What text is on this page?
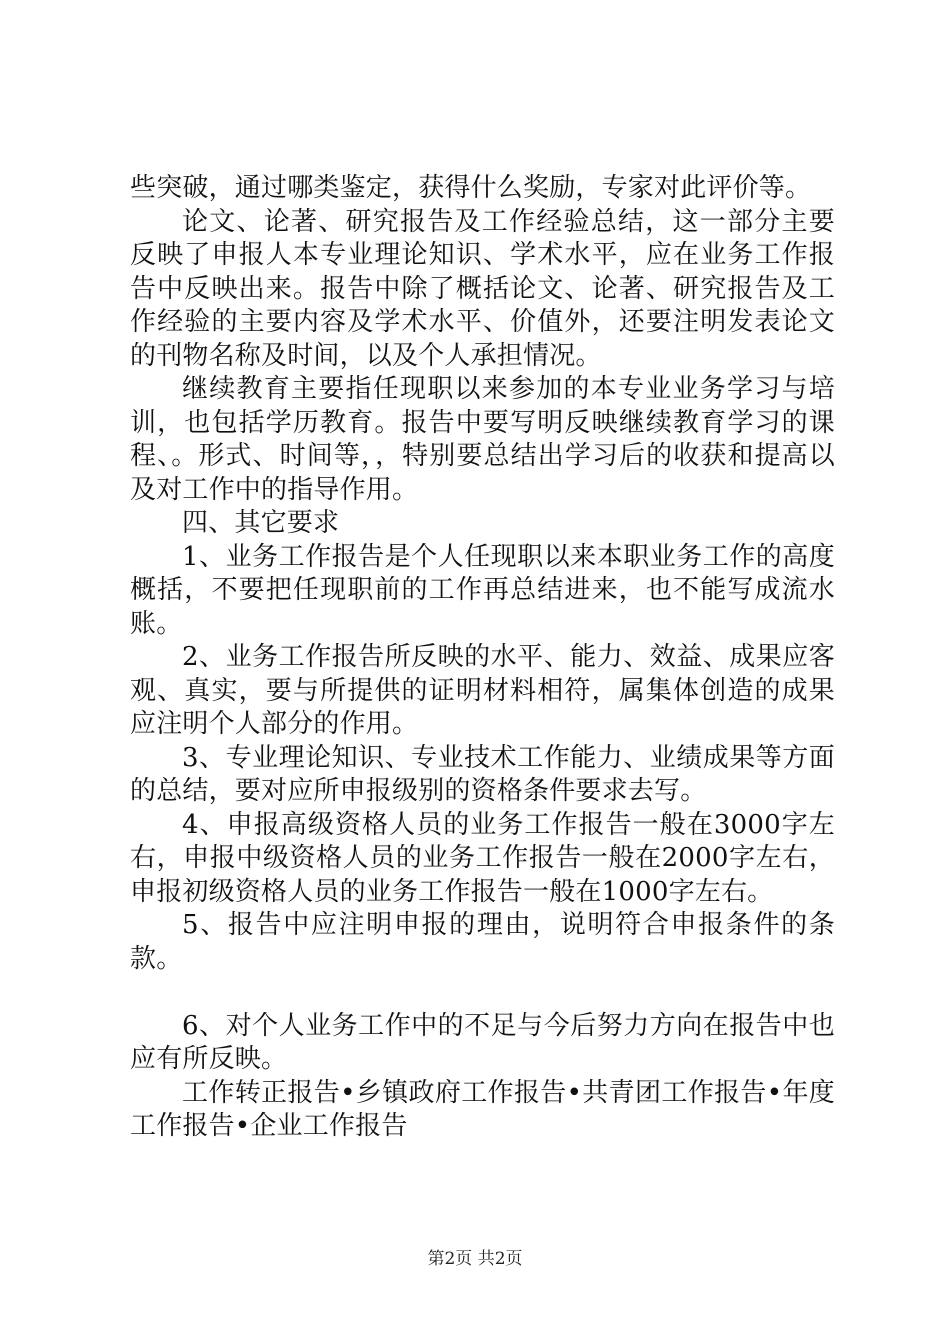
些突破，通过哪类鉴定，获得什么奖励，专家对此评价等。

论文、论著、研究报告及工作经验总结，这一部分主要反映了申报人本专业理论知识、学术水平，应在业务工作报告中反映出来。报告中除了概括论文、论著、研究报告及工作经验的主要内容及学术水平、价值外，还要注明发表论文的刊物名称及时间，以及个人承担情况。

继续教育主要指任现职以来参加的本专业业务学习与培训，也包括学历教育。报告中要写明反映继续教育学习的课程、。形式、时间等，，特别要总结出学习后的收获和提高以及对工作中的指导作用。

四、其它要求

1、业务工作报告是个人任现职以来本职业务工作的高度概括，不要把任现职前的工作再总结进来，也不能写成流水账。

2、业务工作报告所反映的水平、能力、效益、成果应客观、真实，要与所提供的证明材料相符，属集体创造的成果应注明个人部分的作用。

3、专业理论知识、专业技术工作能力、业绩成果等方面的总结，要对应所申报级别的资格条件要求去写。

4、申报高级资格人员的业务工作报告一般在3000字左右，申报中级资格人员的业务工作报告一般在2000字左右，申报初级资格人员的业务工作报告一般在1000字左右。

5、报告中应注明申报的理由，说明符合申报条件的条款。

6、对个人业务工作中的不足与今后努力方向在报告中也应有所反映。

工作转正报告•乡镇政府工作报告•共青团工作报告•年度工作报告•企业工作报告

第2页 共2页
